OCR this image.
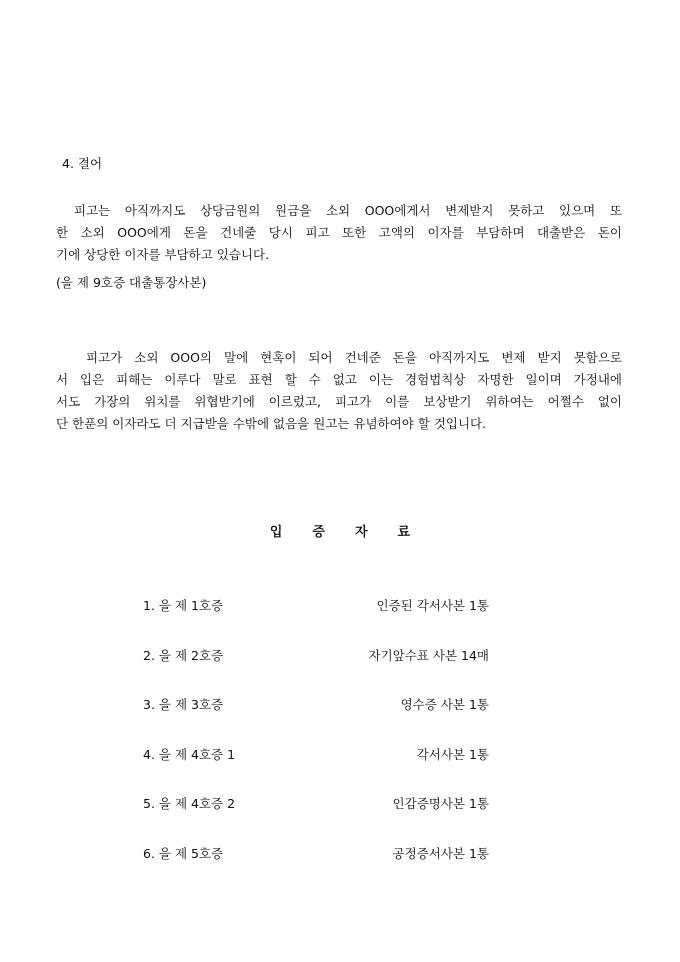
4. 결어

피고는 아직까지도 상당금원의 원금을 소외 OOO에게서 변제받지 못하고 있으며 또
한 소외 OOO에게 돈을 건네줄 당시 피고 또한 고액의 이자를 부담하며 대출받은 돈이
기에 상당한 이자를 부담하고 있습니다.

(을 제 9호증 대출통장사본)

피고가 소외 OOO의 말에 현혹이 되어 건네준 돈을 아직까지도 변제 받지 못함으로
서 입은 피해는 이루다 말로 표현 할 수 없고 이는 경험법칙상 자명한 일이며 가정내에
서도 가장의 위치를 위협받기에 이르렀고, 피고가 이를 보상받기 위하여는 어쩔수 없이
단 한푼의 이자라도 더 지급받을 수밖에 없음을 원고는 유념하여야 할 것입니다.

입증자료
1. 을 제 1호증	인증된 각서사본 1통
2. 을 제 2호증	자기앞수표 사본 14매
3. 을 제 3호증	영수증 사본 1통
4. 을 제 4호증 1	각서사본 1통
5. 을 제 4호증 2	인감증명사본 1통
6. 을 제 5호증	공정증서사본 1통
